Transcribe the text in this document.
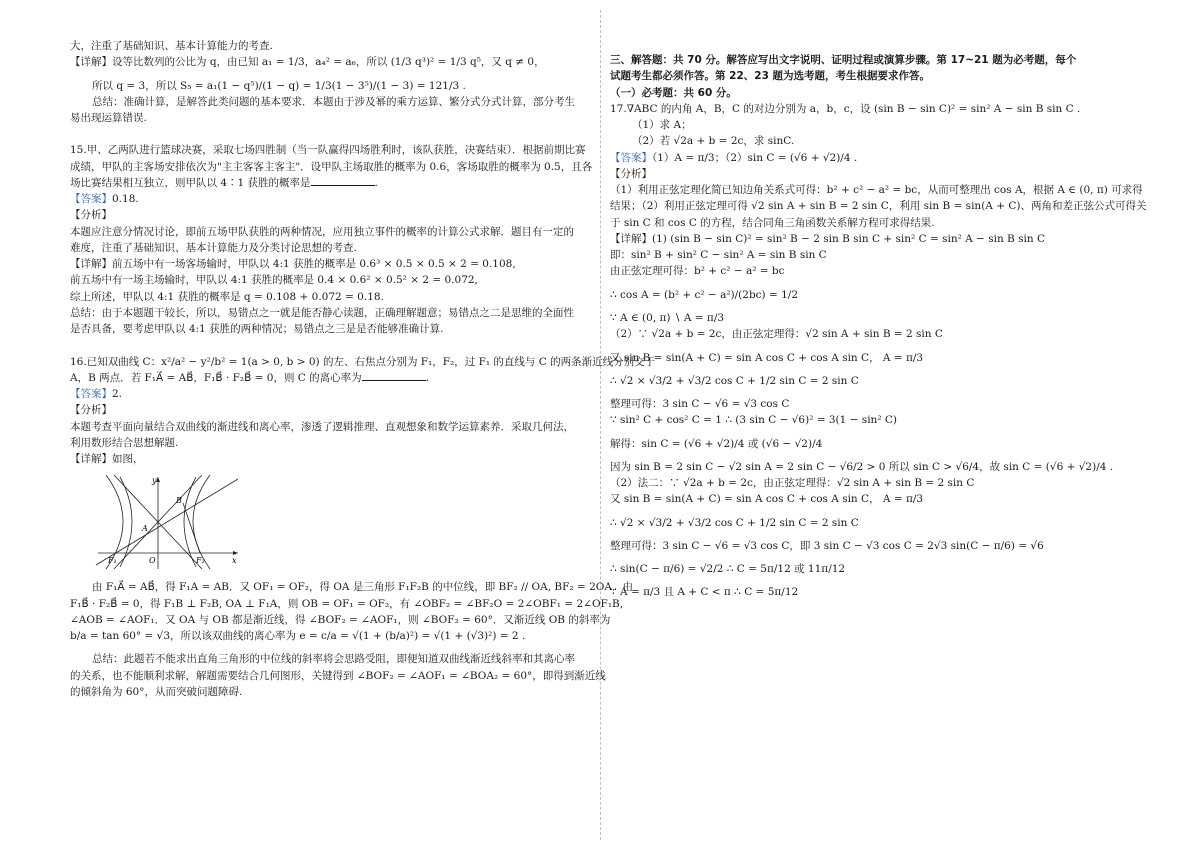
大，注重了基础知识、基本计算能力的考查.
【详解】设等比数列的公比为 q，由已知 a₁ = 1/3，a₄² = a₆，所以 (1/3 q³)² = 1/3 q⁵，又 q ≠ 0，
所以 q = 3，所以 S₅ = a₁(1 − q⁵)/(1 − q) = 1/3(1 − 3⁵)/(1 − 3) = 121/3 .
总结：准确计算，是解答此类问题的基本要求．本题由于涉及幂的乘方运算、繁分式分式计算，部分考生
易出现运算错误.
15.甲、乙两队进行篮球决赛，采取七场四胜制（当一队赢得四场胜利时，该队获胜，决赛结束）．根据前期比赛
成绩，甲队的主客场安排依次为"主主客客主客主"．设甲队主场取胜的概率为 0.6，客场取胜的概率为 0.5，且各
场比赛结果相互独立，则甲队以 4∶1 获胜的概率是	.
【答案】0.18.
【分析】
本题应注意分情况讨论，即前五场甲队获胜的两种情况，应用独立事件的概率的计算公式求解．题目有一定的
难度，注重了基础知识、基本计算能力及分类讨论思想的考查.
【详解】前五场中有一场客场输时，甲队以 4:1 获胜的概率是 0.6³ × 0.5 × 0.5 × 2 = 0.108,
前五场中有一场主场输时，甲队以 4:1 获胜的概率是 0.4 × 0.6² × 0.5² × 2 = 0.072,
综上所述，甲队以 4:1 获胜的概率是 q = 0.108 + 0.072 = 0.18.
总结：由于本题题干较长，所以，易错点之一就是能否静心读题，正确理解题意；易错点之二是思维的全面性
是否具备，要考虑甲队以 4:1 获胜的两种情况；易错点之三是是否能够准确计算.
16.已知双曲线 C：x²/a² − y²/b² = 1(a > 0, b > 0) 的左、右焦点分别为 F₁，F₂，过 F₁ 的直线与 C 的两条渐近线分别交于
A，B 两点．若 F₁A⃗ = AB⃗，F₁B⃗ · F₂B⃗ = 0，则 C 的离心率为	.
【答案】2.
【分析】
本题考查平面向量结合双曲线的渐进线和离心率，渗透了逻辑推理、直观想象和数学运算素养．采取几何法，
利用数形结合思想解题.
【详解】如图，
y
x
A
B
O
F₁	F₂
由 F₁A⃗ = AB⃗，得 F₁A = AB．又 OF₁ = OF₂，得 OA 是三角形 F₁F₂B 的中位线，即 BF₂ // OA, BF₂ = 2OA．由
F₁B⃗ · F₂B⃗ = 0，得 F₁B ⊥ F₂B, OA ⊥ F₁A，则 OB = OF₁ = OF₂，有 ∠OBF₂ = ∠BF₂O = 2∠OBF₁ = 2∠OF₁B,
∠AOB = ∠AOF₁．又 OA 与 OB 都是渐近线，得 ∠BOF₂ = ∠AOF₁，则 ∠BOF₂ = 60°．又渐近线 OB 的斜率为
b/a = tan 60° = √3，所以该双曲线的离心率为 e = c/a = √(1 + (b/a)²) = √(1 + (√3)²) = 2 .
总结：此题若不能求出直角三角形的中位线的斜率将会思路受阻，即便知道双曲线渐近线斜率和其离心率
的关系，也不能顺利求解，解题需要结合几何图形，关键得到 ∠BOF₂ = ∠AOF₁ = ∠BOA₂ = 60°，即得到渐近线
的倾斜角为 60°，从而突破问题障碍.
三、解答题：共 70 分。解答应写出文字说明、证明过程或演算步骤。第 17~21 题为必考题，每个
试题考生都必须作答。第 22、23 题为选考题，考生根据要求作答。
（一）必考题：共 60 分。
17.∇ABC 的内角 A，B，C 的对边分别为 a，b，c，设 (sin B − sin C)² = sin² A − sin B sin C .
（1）求 A；
（2）若 √2a + b = 2c，求 sinC.
【答案】（1）A = π/3；（2）sin C = (√6 + √2)/4 .
【分析】
（1）利用正弦定理化简已知边角关系式可得：b² + c² − a² = bc，从而可整理出 cos A，根据 A ∈ (0, π) 可求得
结果；（2）利用正弦定理可得 √2 sin A + sin B = 2 sin C，利用 sin B = sin(A + C)、两角和差正弦公式可得关
于 sin C 和 cos C 的方程，结合同角三角函数关系解方程可求得结果.
【详解】(1) (sin B − sin C)² = sin² B − 2 sin B sin C + sin² C = sin² A − sin B sin C
即：sin² B + sin² C − sin² A = sin B sin C
由正弦定理可得：b² + c² − a² = bc
∴ cos A = (b² + c² − a²)/(2bc) = 1/2
∵ A ∈ (0, π) ∖ A = π/3
（2）∵ √2a + b = 2c，由正弦定理得：√2 sin A + sin B = 2 sin C
又 sin B = sin(A + C) = sin A cos C + cos A sin C， A = π/3
∴ √2 × √3/2 + √3/2 cos C + 1/2 sin C = 2 sin C
整理可得：3 sin C − √6 = √3 cos C
∵ sin² C + cos² C = 1 ∴ (3 sin C − √6)² = 3(1 − sin² C)
解得：sin C = (√6 + √2)/4 或 (√6 − √2)/4
因为 sin B = 2 sin C − √2 sin A = 2 sin C − √6/2 > 0 所以 sin C > √6/4，故 sin C = (√6 + √2)/4 .
（2）法二：∵ √2a + b = 2c，由正弦定理得：√2 sin A + sin B = 2 sin C
又 sin B = sin(A + C) = sin A cos C + cos A sin C， A = π/3
∴ √2 × √3/2 + √3/2 cos C + 1/2 sin C = 2 sin C
整理可得：3 sin C − √6 = √3 cos C，即 3 sin C − √3 cos C = 2√3 sin(C − π/6) = √6
∴ sin(C − π/6) = √2/2 ∴ C = 5π/12 或 11π/12
∵ A = π/3 且 A + C < π ∴ C = 5π/12
